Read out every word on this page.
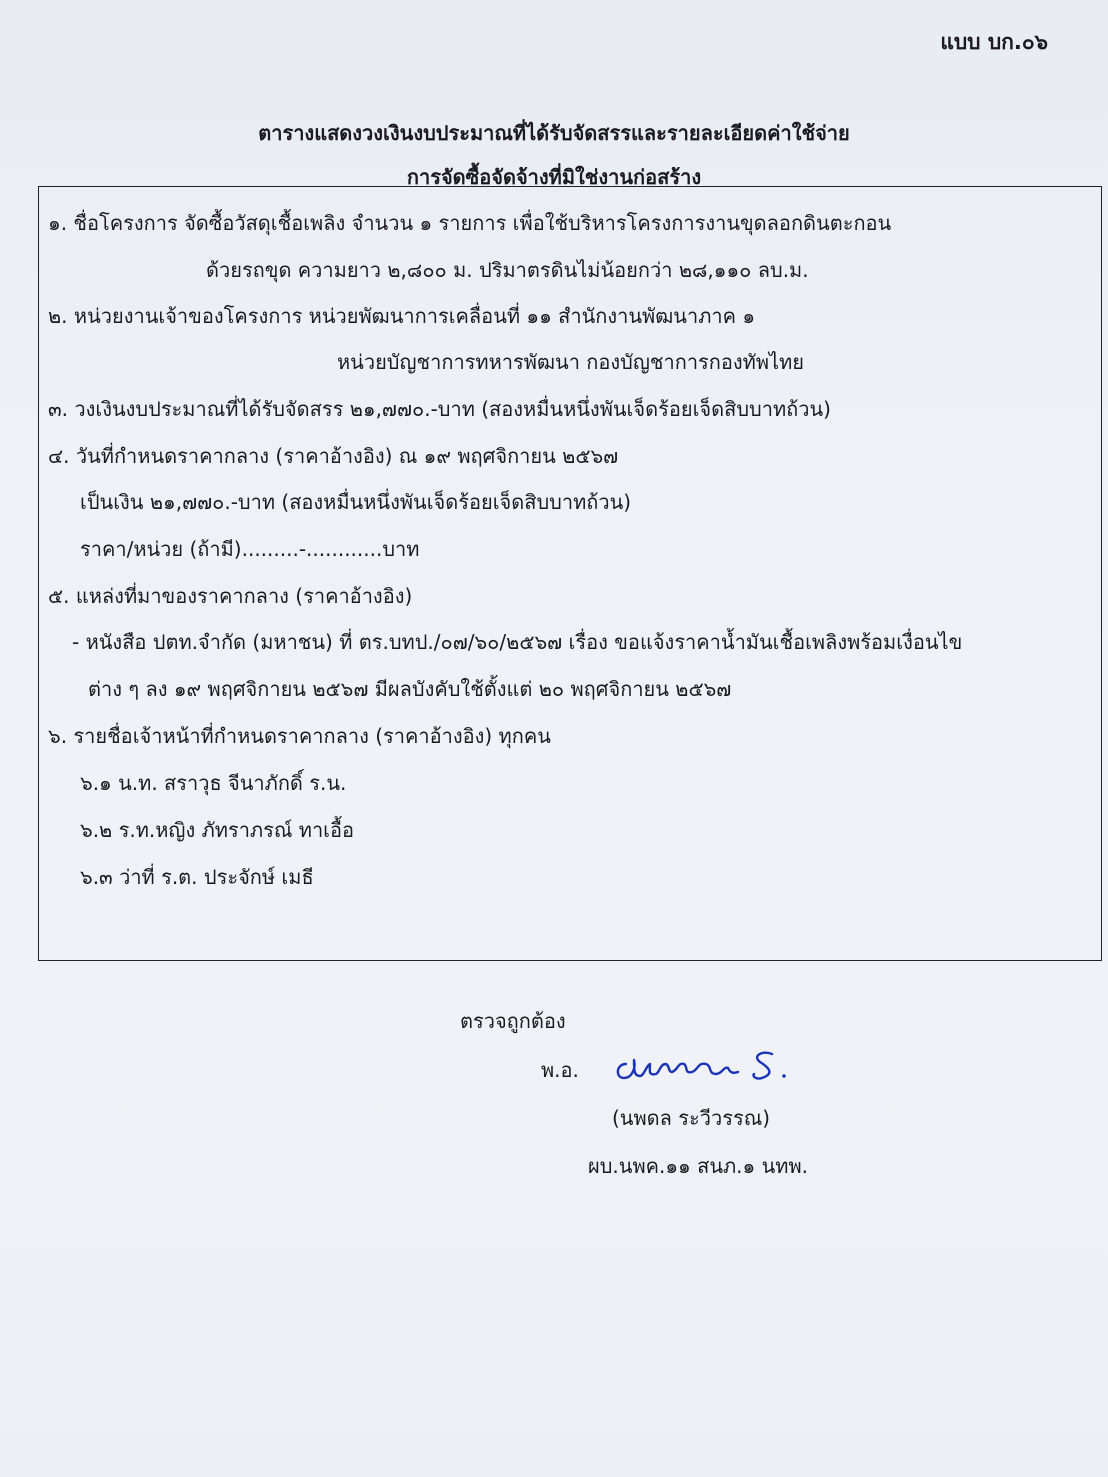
แบบ บก.๐๖
ตารางแสดงวงเงินงบประมาณที่ได้รับจัดสรรและรายละเอียดค่าใช้จ่าย
การจัดซื้อจัดจ้างที่มิใช่งานก่อสร้าง
๑. ชื่อโครงการ จัดซื้อวัสดุเชื้อเพลิง จำนวน ๑ รายการ เพื่อใช้บริหารโครงการงานขุดลอกดินตะกอน
ด้วยรถขุด ความยาว ๒,๘๐๐ ม. ปริมาตรดินไม่น้อยกว่า ๒๘,๑๑๐ ลบ.ม.
๒. หน่วยงานเจ้าของโครงการ หน่วยพัฒนาการเคลื่อนที่ ๑๑ สำนักงานพัฒนาภาค ๑
หน่วยบัญชาการทหารพัฒนา กองบัญชาการกองทัพไทย
๓. วงเงินงบประมาณที่ได้รับจัดสรร ๒๑,๗๗๐.-บาท (สองหมื่นหนึ่งพันเจ็ดร้อยเจ็ดสิบบาทถ้วน)
๔. วันที่กำหนดราคากลาง (ราคาอ้างอิง) ณ ๑๙ พฤศจิกายน ๒๕๖๗
เป็นเงิน ๒๑,๗๗๐.-บาท (สองหมื่นหนึ่งพันเจ็ดร้อยเจ็ดสิบบาทถ้วน)
ราคา/หน่วย (ถ้ามี).........-............บาท
๕. แหล่งที่มาของราคากลาง (ราคาอ้างอิง)
- หนังสือ ปตท.จำกัด (มหาชน) ที่ ตร.บทป./๐๗/๖๐/๒๕๖๗ เรื่อง ขอแจ้งราคาน้ำมันเชื้อเพลิงพร้อมเงื่อนไข
ต่าง ๆ ลง ๑๙ พฤศจิกายน ๒๕๖๗ มีผลบังคับใช้ตั้งแต่ ๒๐ พฤศจิกายน ๒๕๖๗
๖. รายชื่อเจ้าหน้าที่กำหนดราคากลาง (ราคาอ้างอิง) ทุกคน
๖.๑ น.ท. สราวุธ จีนาภักดิ์ ร.น.
๖.๒ ร.ท.หญิง ภัทราภรณ์ ทาเอื้อ
๖.๓ ว่าที่ ร.ต. ประจักษ์ เมธี
ตรวจถูกต้อง
พ.อ.
(นพดล ระวีวรรณ)
ผบ.นพค.๑๑ สนภ.๑ นทพ.
